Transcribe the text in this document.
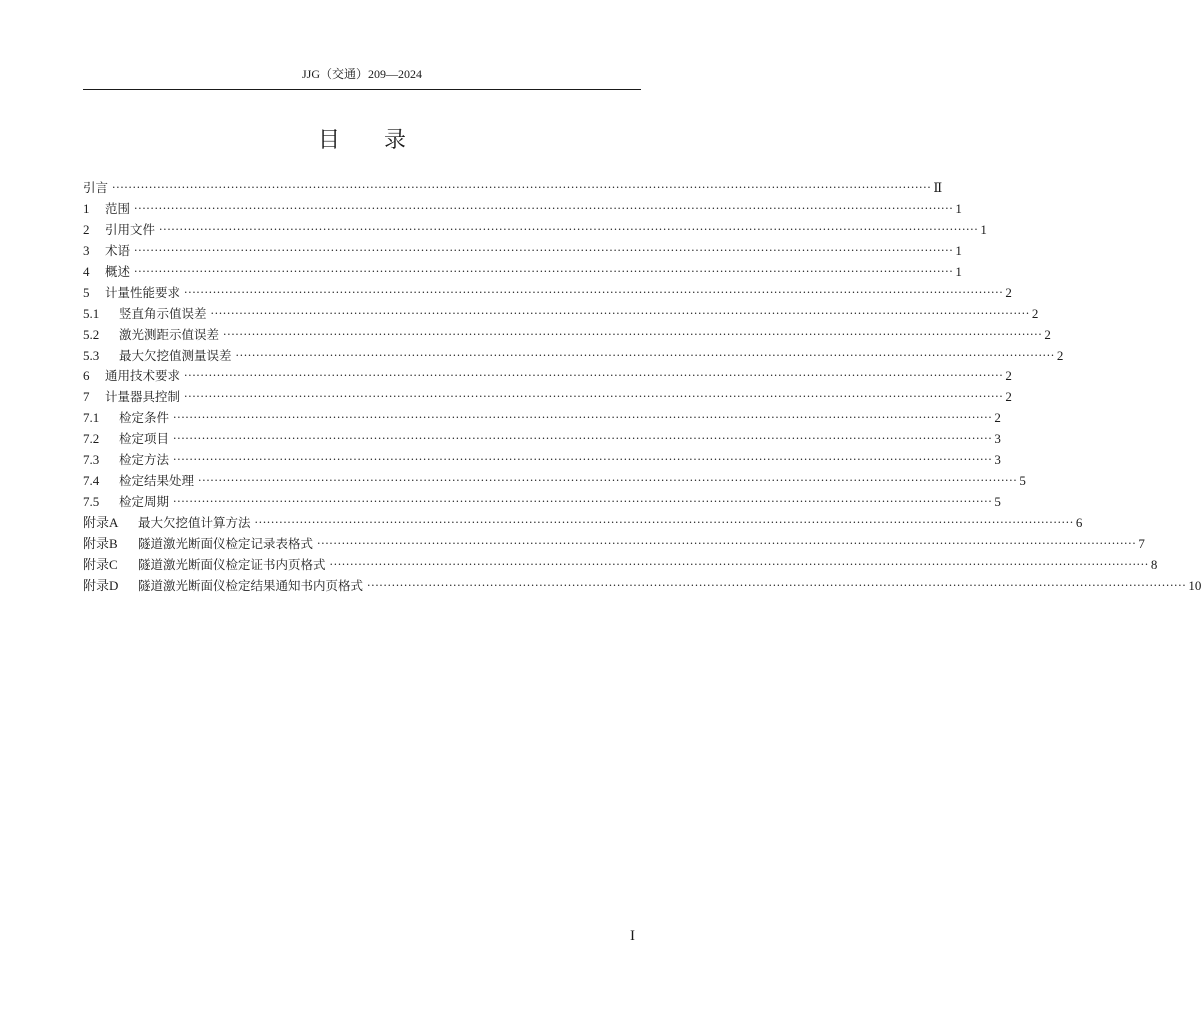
JJG（交通）209—2024
目录
引言 ········································································································································································································ Ⅱ
1	范围 ········································································································································································································ 1
2	引用文件 ········································································································································································································ 1
3	术语 ········································································································································································································ 1
4	概述 ········································································································································································································ 1
5	计量性能要求 ········································································································································································································ 2
5.1	竖直角示值误差 ········································································································································································································ 2
5.2	激光测距示值误差 ········································································································································································································ 2
5.3	最大欠挖值测量误差 ········································································································································································································ 2
6	通用技术要求 ········································································································································································································ 2
7	计量器具控制 ········································································································································································································ 2
7.1	检定条件 ········································································································································································································ 2
7.2	检定项目 ········································································································································································································ 3
7.3	检定方法 ········································································································································································································ 3
7.4	检定结果处理 ········································································································································································································ 5
7.5	检定周期 ········································································································································································································ 5
附录A	最大欠挖值计算方法 ········································································································································································································ 6
附录B	隧道激光断面仪检定记录表格式 ········································································································································································································ 7
附录C	隧道激光断面仪检定证书内页格式 ········································································································································································································ 8
附录D	隧道激光断面仪检定结果通知书内页格式 ········································································································································································································ 10
I
